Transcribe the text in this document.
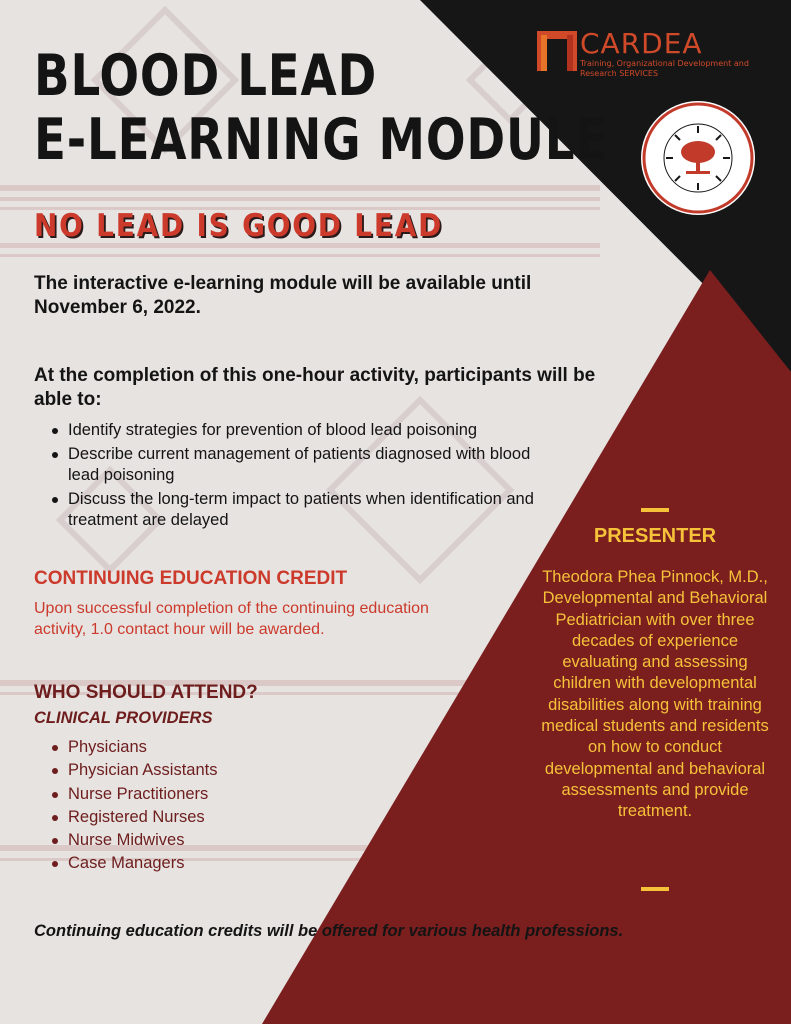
BLOOD LEAD
E-LEARNING MODULE
NO LEAD IS GOOD LEAD
The interactive e-learning module will be available until November 6, 2022.
At the completion of this one-hour activity, participants will be able to:
Identify strategies for prevention of blood lead poisoning
Describe current management of patients diagnosed with blood lead poisoning
Discuss the long-term impact to patients when identification and treatment are delayed
CONTINUING EDUCATION CREDIT
Upon successful completion of the continuing education activity, 1.0 contact hour will be awarded.
WHO SHOULD ATTEND?
CLINICAL PROVIDERS
Physicians
Physician Assistants
Nurse Practitioners
Registered Nurses
Nurse Midwives
Case Managers
Continuing education credits will be offered for various health professions.
PRESENTER
Theodora Phea Pinnock, M.D., Developmental and Behavioral Pediatrician with over three decades of experience evaluating and assessing children with developmental disabilities along with training medical students and residents on how to conduct developmental and behavioral assessments and provide treatment.
CARDEA
Training, Organizational Development and Research SERVICES
